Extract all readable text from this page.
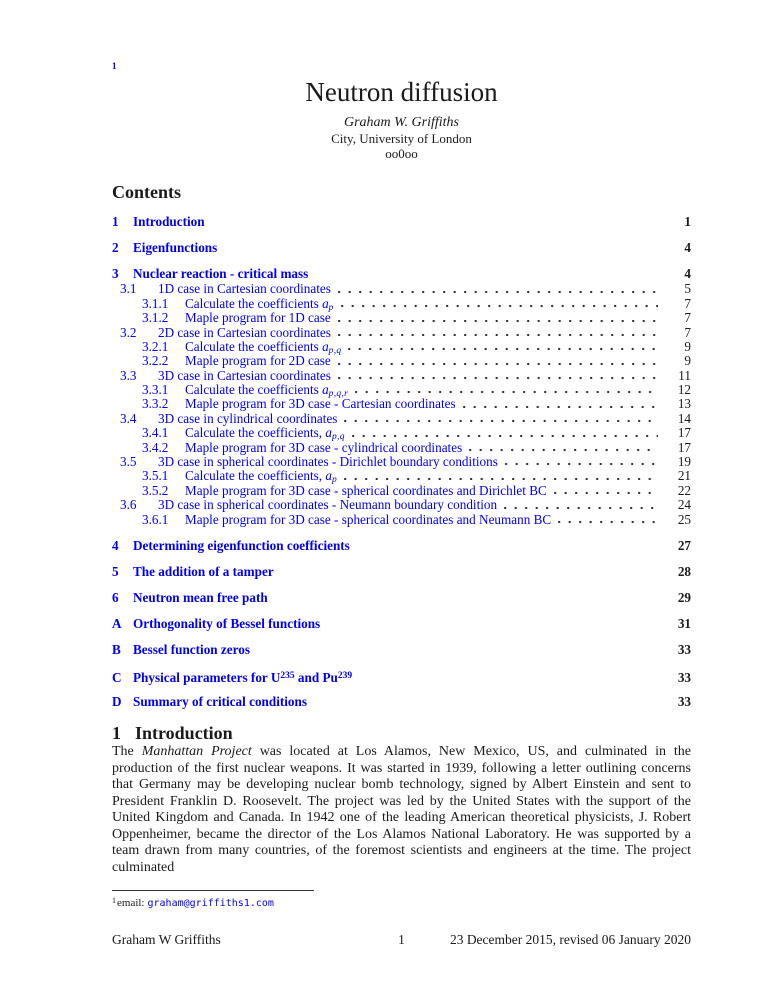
1
Neutron diffusion
Graham W. Griffiths
City, University of London
oo0oo
Contents
1	Introduction	1
2	Eigenfunctions	4
3	Nuclear reaction - critical mass	4
3.1	1D case in Cartesian coordinates	5
3.1.1	Calculate the coefficients $a_p$	7
3.1.2	Maple program for 1D case	7
3.2	2D case in Cartesian coordinates	7
3.2.1	Calculate the coefficients $a_{p,q}$	9
3.2.2	Maple program for 2D case	9
3.3	3D case in Cartesian coordinates	11
3.3.1	Calculate the coefficients $a_{p,q,r}$	12
3.3.2	Maple program for 3D case - Cartesian coordinates	13
3.4	3D case in cylindrical coordinates	14
3.4.1	Calculate the coefficients, $a_{p,q}$	17
3.4.2	Maple program for 3D case - cylindrical coordinates	17
3.5	3D case in spherical coordinates - Dirichlet boundary conditions	19
3.5.1	Calculate the coefficients, $a_p$	21
3.5.2	Maple program for 3D case - spherical coordinates and Dirichlet BC	22
3.6	3D case in spherical coordinates - Neumann boundary condition	24
3.6.1	Maple program for 3D case - spherical coordinates and Neumann BC	25
4	Determining eigenfunction coefficients	27
5	The addition of a tamper	28
6	Neutron mean free path	29
A Orthogonality of Bessel functions	31
B Bessel function zeros	33
C Physical parameters for $U^{235}$ and Pu$^{239}$	33
D Summary of critical conditions	33
1 Introduction

The Manhattan Project was located at Los Alamos, New Mexico, US, and culminated in the production of the first nuclear weapons. It was started in 1939, following a letter outlining concerns that Germany may be developing nuclear bomb technology, signed by Albert Einstein and sent to President Franklin D. Roosevelt. The project was led by the United States with the support of the United Kingdom and Canada. In 1942 one of the leading American theoretical physicists, J. Robert Oppenheimer, became the director of the Los Alamos National Laboratory. He was supported by a team drawn from many countries, of the foremost scientists and engineers at the time. The project culminated

$^1$email: graham@griffiths1.com
Graham W Griffiths	1	23 December 2015, revised 06 January 2020
